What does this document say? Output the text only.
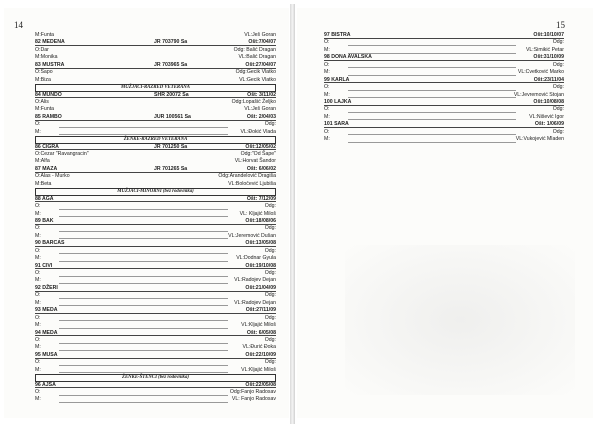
14
M:Funta	VL:Ješ Goran
82 MEDENA	JR 703790 Sa	Ošt:7/04/07
O:Dar	Odg: Balić Dragan
M:Monika	VL:Balić Dragan
83 MUSTRA	JR 703965 Sa	Ošt:27/04/07
O:Šapo	Odg:Gecik Vlatko
M:Biza	VL:Gecik Vlatko
MUŽJACI-RAZRED VETERANA
84 MUNDO	SHR 20072 Sa	Ošt: 3/11/02
O:Alis	Odg:Lopašić Željko
M:Funta	VL:Ješ Goran
85 RAMBO	JUR 100561 Sa	Ošt: 2/04/03
O:	Odg:
M:	VL:Đokić Vlada
ŽENKE-RAZRED VETERANA
86 ČIGRA	JR 701250 Sa	Ošt:12/05/02
O:Cezar "Ravangracin"	Odg:"Od Šape"
M:Alfa	VL:Horvat Šandor
87 MAZA	JR 701265 Sa	Ošt: 6/06/02
O:Alas - Murko	Odg:Arandelović Dragiša
M:Beta	VL:Boločević Ljubiša
MUŽJACI-MINORNI (bez rodovnika)
88 AGA	Ošt: 7/12/09
O:	Odg:
M:	VL: Kljajić Miloš
89 BAK	Ošt:18/08/06
O:	Odg:
M:	VL:Jeremović Dušan
90 BARCAS	Ošt:13/05/08
O:	Odg:
M:	VL:Dodnar Gyula
91 CIVI	Ošt:19/10/08
O:	Odg:
M:	VL:Radojev Dejan
92 DŽERI	Ošt:21/04/09
O:	Odg:
M:	VL:Radojev Dejan
93 MEDA	Ošt:27/11/09
O:	Odg:
M:	VL:Kljajić Miloš
94 MEDA	Ošt: 6/05/08
O:	Odg:
M:	VL:Đurić Đoka
95 MUSA	Ošt:22/10/09
O:	Odg:
M:	VL:Kljajić Miloš
ŽENKE-ŠTENCI (bez rodovnika)
96 AJŠA	Ošt:22/05/08
O:	Odg:Fanjo Radosav
M:	VL: Fanjo Radosav
15
97 BISTRA	Ošt:10/10/07
O:	Odg:
M:	VL:Simikić Petar
98 DONA AVALSKA	Ošt:31/10/09
O:	Odg:
M:	VL:Cvetković Marko
99 KARLA	Ošt:23/11/04
O:	Odg:
M:	VL:Jevremović Stojan
100 LAJKA	Ošt:10/08/08
O:	Odg:
M:	VL:Nišević Igor
101 SARA	Ošt: 1/06/09
O:	Odg:
M:	VL:Vukojević Mladen
